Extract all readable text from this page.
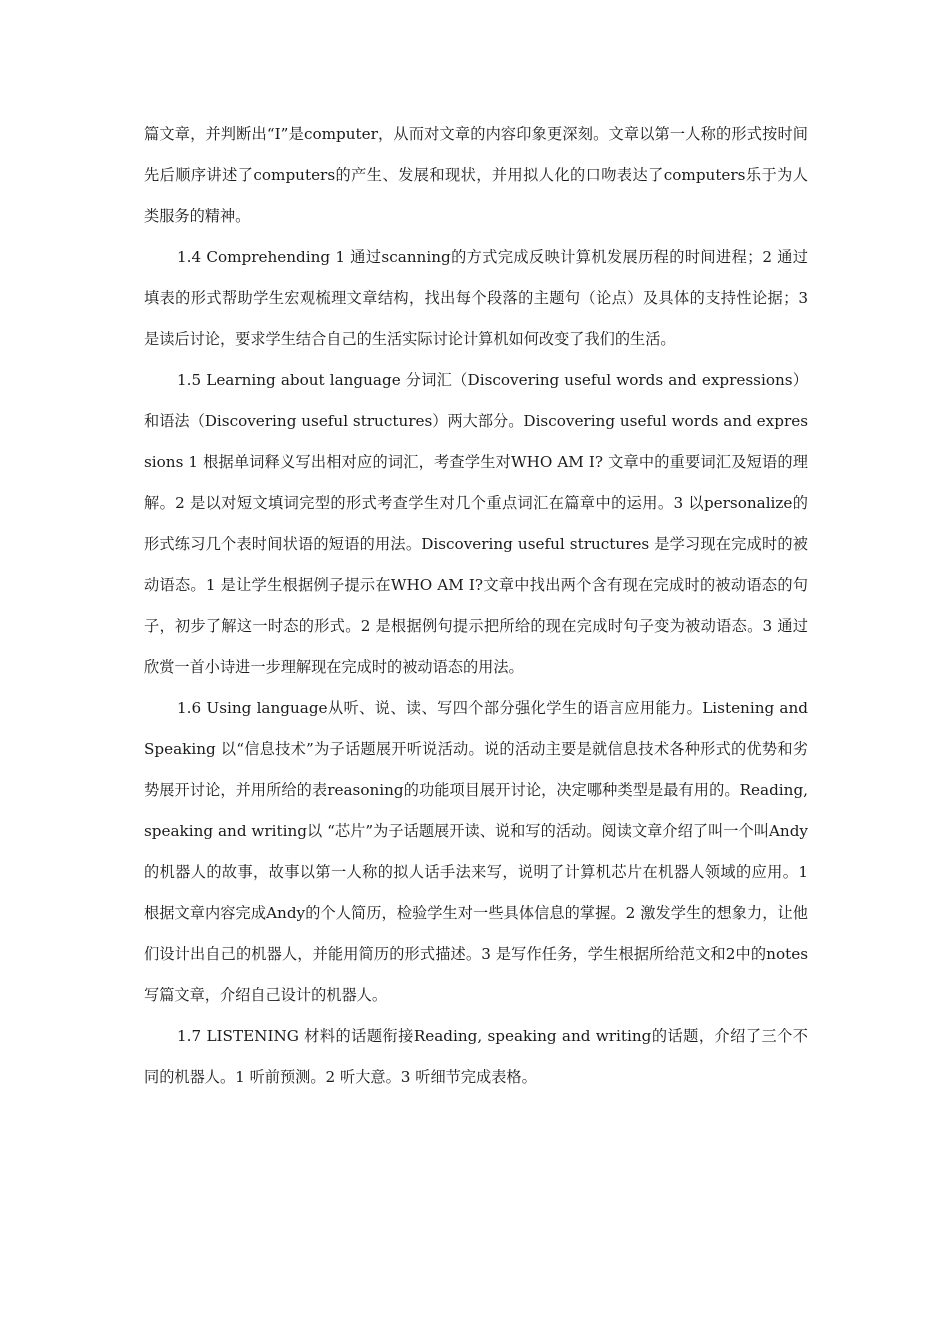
篇文章，并判断出“I”是computer，从而对文章的内容印象更深刻。文章以第一人称的形式按时间先后顺序讲述了computers的产生、发展和现状，并用拟人化的口吻表达了computers乐于为人类服务的精神。

1.4 Comprehending 1 通过scanning的方式完成反映计算机发展历程的时间进程；2 通过填表的形式帮助学生宏观梳理文章结构，找出每个段落的主题句（论点）及具体的支持性论据；3 是读后讨论，要求学生结合自己的生活实际讨论计算机如何改变了我们的生活。

1.5 Learning about language 分词汇（Discovering useful words and expressions）和语法（Discovering useful structures）两大部分。Discovering useful words and expressions 1 根据单词释义写出相对应的词汇，考查学生对WHO AM I? 文章中的重要词汇及短语的理解。2 是以对短文填词完型的形式考查学生对几个重点词汇在篇章中的运用。3 以personalize的形式练习几个表时间状语的短语的用法。Discovering useful structures 是学习现在完成时的被动语态。1 是让学生根据例子提示在WHO AM I?文章中找出两个含有现在完成时的被动语态的句子，初步了解这一时态的形式。2 是根据例句提示把所给的现在完成时句子变为被动语态。3 通过欣赏一首小诗进一步理解现在完成时的被动语态的用法。

1.6 Using language从听、说、读、写四个部分强化学生的语言应用能力。Listening and Speaking 以“信息技术”为子话题展开听说活动。说的活动主要是就信息技术各种形式的优势和劣势展开讨论，并用所给的表reasoning的功能项目展开讨论，决定哪种类型是最有用的。Reading, speaking and writing以 “芯片”为子话题展开读、说和写的活动。阅读文章介绍了叫一个叫Andy的机器人的故事，故事以第一人称的拟人话手法来写，说明了计算机芯片在机器人领域的应用。1 根据文章内容完成Andy的个人简历，检验学生对一些具体信息的掌握。2 激发学生的想象力，让他们设计出自己的机器人，并能用简历的形式描述。3 是写作任务，学生根据所给范文和2中的notes写篇文章，介绍自己设计的机器人。

1.7 LISTENING 材料的话题衔接Reading, speaking and writing的话题，介绍了三个不同的机器人。1 听前预测。2 听大意。3 听细节完成表格。
